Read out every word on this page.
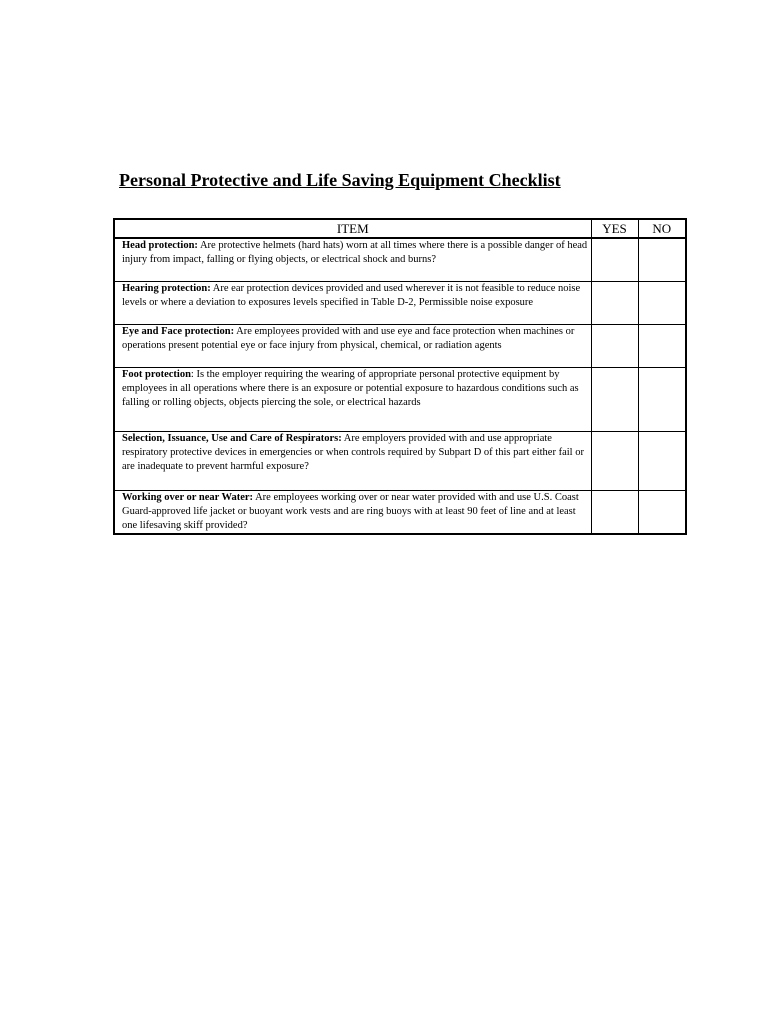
Personal Protective and Life Saving Equipment Checklist
ITEM	YES	NO
Head protection: Are protective helmets (hard hats) worn at all times where there is a possible danger of head injury from impact, falling or flying objects, or electrical shock and burns?		
Hearing protection: Are ear protection devices provided and used wherever it is not feasible to reduce noise levels or where a deviation to exposures levels specified in Table D-2, Permissible noise exposure		
Eye and Face protection: Are employees provided with and use eye and face protection when machines or operations present potential eye or face injury from physical, chemical, or radiation agents		
Foot protection: Is the employer requiring the wearing of appropriate personal protective equipment by employees in all operations where there is an exposure or potential exposure to hazardous conditions such as falling or rolling objects, objects piercing the sole, or electrical hazards		
Selection, Issuance, Use and Care of Respirators: Are employers provided with and use appropriate respiratory protective devices in emergencies or when controls required by Subpart D of this part either fail or are inadequate to prevent harmful exposure?		
Working over or near Water: Are employees working over or near water provided with and use U.S. Coast Guard-approved life jacket or buoyant work vests and are ring buoys with at least 90 feet of line and at least one lifesaving skiff provided?		
